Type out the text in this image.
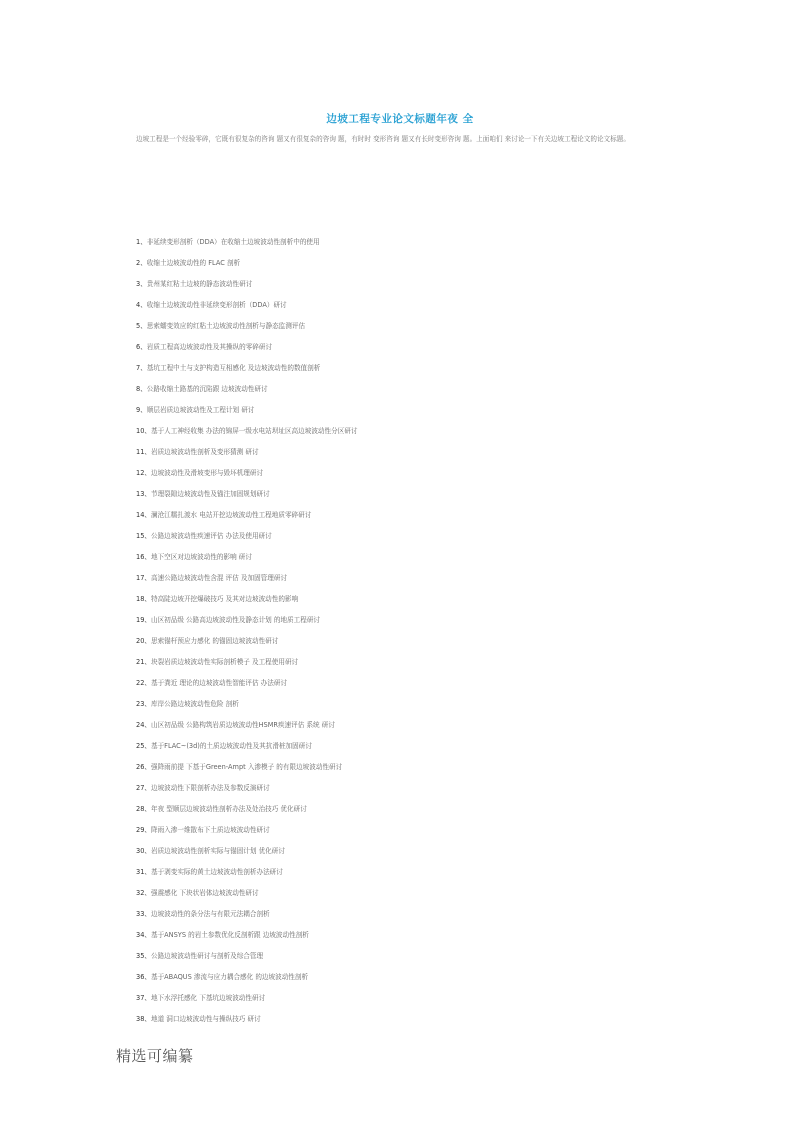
边坡工程专业论文标题年夜 全
边坡工程是一个经验零碎，它既有很复杂的咨询 题又有很复杂的咨询 题，有时时 变形咨询 题又有长时变形咨询 题。上面咱们 来讨论一下有关边坡工程论文的论文标题。
1、非延续变形剖析（DDA）在收缩土边坡波动性剖析中的使用
2、收缩土边坡波动性的 FLAC 剖析
3、贵州某红粘土边坡的静态波动性研讨
4、收缩土边坡波动性非延续变形剖析（DDA）研讨
5、思索蠕变效应的红粘土边坡波动性剖析与静态监测评估
6、岩质工程高边坡波动性及其操纵的零碎研讨
7、基坑工程中土与支护构造互相感化 及边坡波动性的数值剖析
8、公路收缩土路基的沉陷跟 边坡波动性研讨
9、顺层岩质边坡波动性及工程计划 研讨
10、基于人工神经收集 办法的锦屏一级水电站坝址区高边坡波动性分区研讨
11、岩质边坡波动性剖析及变形猜测 研讨
12、边坡波动性及滑坡变形与毁坏机理研讨
13、节理裂隙边坡波动性及锚注加固规划研讨
14、澜沧江糯扎渡水 电站开挖边坡波动性工程地质零碎研讨
15、公路边坡波动性疾速评估 办法及使用研讨
16、地下空区对边坡波动性的影响 研讨
17、高速公路边坡波动性含混 评估 及加固管理研讨
18、特高陡边坡开挖爆破技巧 及其对边坡波动性的影响
19、山区初品级 公路高边坡波动性及静态计划 的地质工程研讨
20、思索锚杆预应力感化 的锚固边坡波动性研讨
21、块裂岩质边坡波动性实际剖析模子 及工程使用研讨
22、基于粪近 理论的边坡波动性智能评估 办法研讨
23、库岸公路边坡波动性危险 剖析
24、山区初品级 公路构筑岩质边坡波动性HSMR疾速评估 系统 研讨
25、基于FLAC~(3d)的土质边坡波动性及其抗滑桩加固研讨
26、强降雨前提 下基于Green-Ampt 入渗模子 的有限边坡波动性研讨
27、边坡波动性下限剖析办法及参数反演研讨
28、年夜 型顺层边坡波动性剖析办法及处治技巧 优化研讨
29、降雨入渗一维散布下土质边坡波动性研讨
30、岩质边坡波动性剖析实际与锚固计划 优化研讨
31、基于剥变实际的黄土边坡波动性剖析办法研讨
32、强震感化 下块状岩体边坡波动性研讨
33、边坡波动性的条分法与有限元法耦合剖析
34、基于ANSYS 的岩土参数优化反剖析跟 边坡波动性剖析
35、公路边坡波动性研讨与剖析及综合管理
36、基于ABAQUS 渗流与应力耦合感化 的边坡波动性剖析
37、地下水浮托感化 下基坑边坡波动性研讨
38、地道 洞口边坡波动性与操纵技巧 研讨
精选可编纂
